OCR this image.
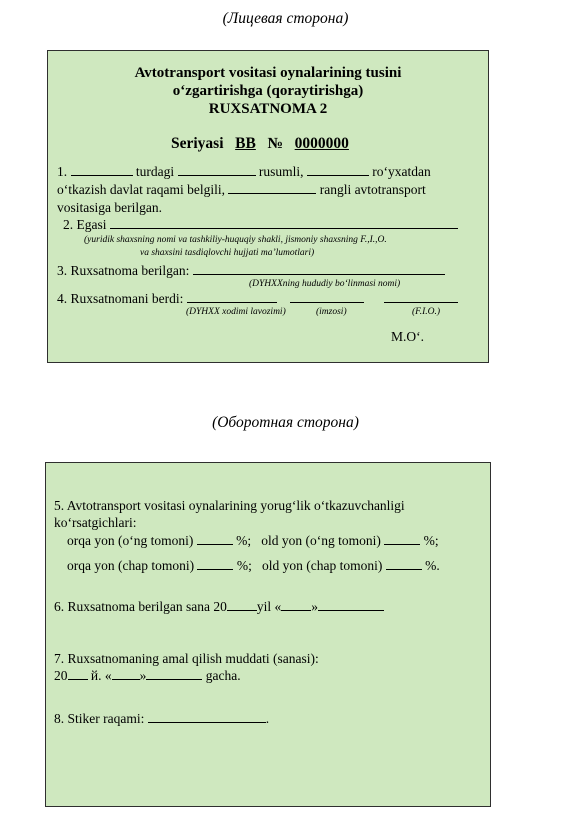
(Лицевая сторона)
Avtotransport vositasi oynalarining tusini
o‘zgartirishga (qoraytirishga)
RUXSATNOMA 2
Seriyasi BB № 0000000
1.	turdagi	rusumli,	ro‘yxatdan
o‘tkazish davlat raqami belgili,	rangli avtotransport
vositasiga berilgan.
2. Egasi
(yuridik shaxsning nomi va tashkiliy-huquqiy shakli, jismoniy shaxsning F.,I.,O.
va shaxsini tasdiqlovchi hujjati ma’lumotlari)
3. Ruxsatnoma berilgan:
(DYHXXning hududiy bo‘linmasi nomi)
4. Ruxsatnomani berdi:
(DYHXX xodimi lavozimi)	(imzosi)	(F.I.O.)
M.O‘.
(Оборотная сторона)
5. Avtotransport vositasi oynalarining yorug‘lik o‘tkazuvchanligi
ko‘rsatgichlari:
orqa yon (o‘ng tomoni)	%; old yon (o‘ng tomoni)	%;
orqa yon (chap tomoni)	%; old yon (chap tomoni)	%.
6. Ruxsatnoma berilgan sana 20 yil « »
7. Ruxsatnomaning amal qilish muddati (sanasi):
20 й. « »	gacha.
8. Stiker raqami:	.
